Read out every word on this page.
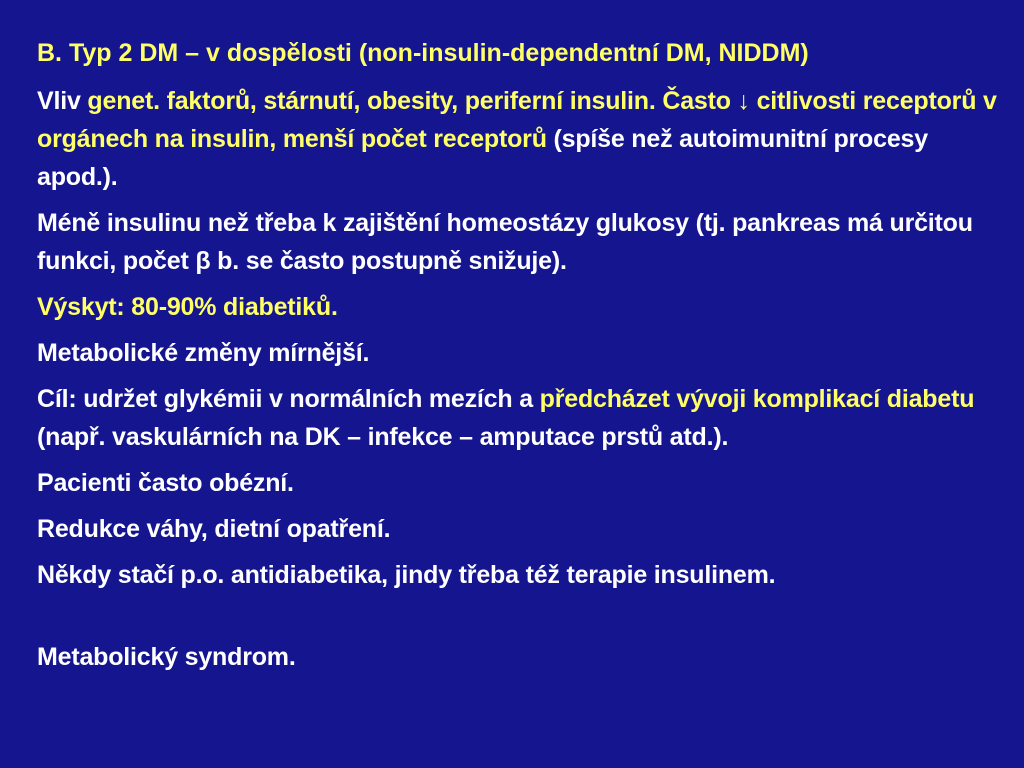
B. Typ 2 DM – v dospělosti (non-insulin-dependentní DM, NIDDM)
Vliv genet. faktorů, stárnutí, obesity, periferní insulin. Často ↓ citlivosti receptorů v orgánech na insulin, menší počet receptorů (spíše než autoimunitní procesy apod.).
Méně insulinu než třeba k zajištění homeostázy glukosy (tj. pankreas má určitou funkci, počet β b. se často postupně snižuje).
Výskyt: 80-90% diabetiků.
Metabolické změny mírnější.
Cíl: udržet glykémii v normálních mezích a předcházet vývoji komplikací diabetu (např. vaskulárních na DK – infekce – amputace prstů atd.).
Pacienti často obézní.
Redukce váhy, dietní opatření.
Někdy stačí p.o. antidiabetika, jindy třeba též terapie insulinem.
Metabolický syndrom.
